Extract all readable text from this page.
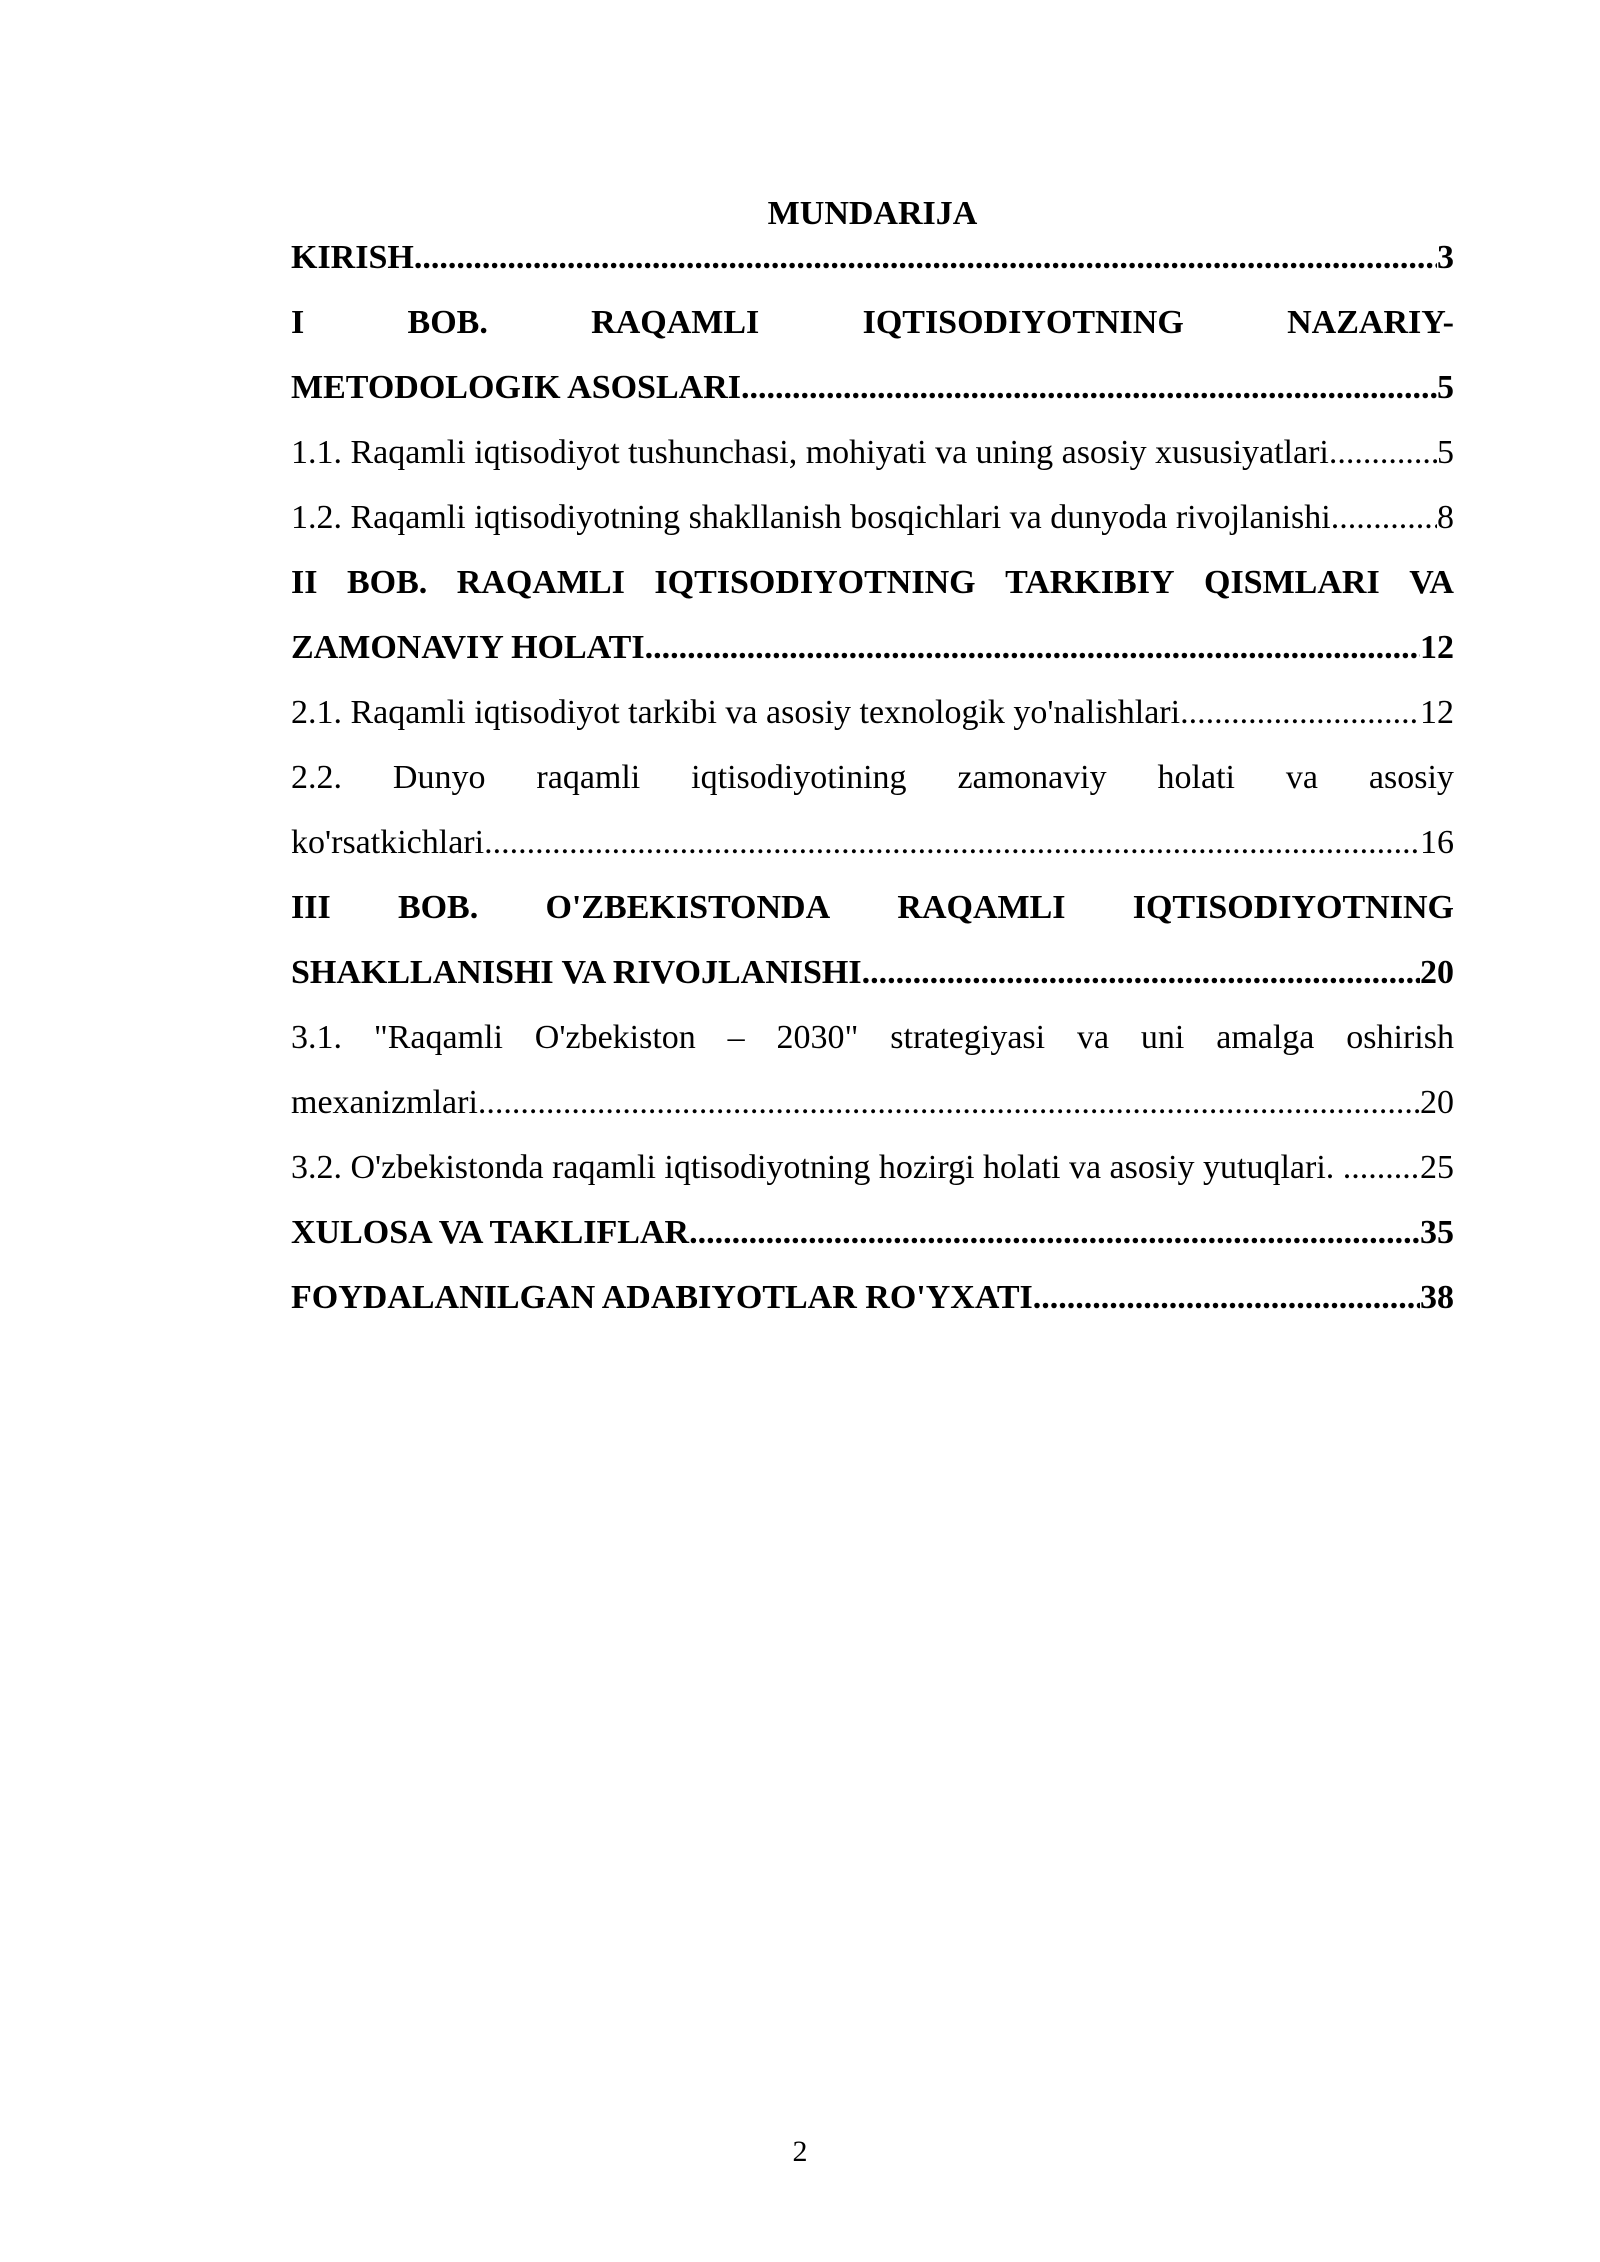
MUNDARIJA
KIRISH .....	3
I	BOB.	RAQAMLI	IQTISODIYOTNING	NAZARIY-
METODOLOGIK ASOSLARI .....	5
1.1. Raqamli iqtisodiyot tushunchasi, mohiyati va uning asosiy xususiyatlari .....	5
1.2. Raqamli iqtisodiyotning shakllanish bosqichlari va dunyoda rivojlanishi .....	8
II BOB. RAQAMLI IQTISODIYOTNING TARKIBIY QISMLARI VA
ZAMONAVIY HOLATI .....	12
2.1. Raqamli iqtisodiyot tarkibi va asosiy texnologik yo'nalishlari .....	12
2.2. Dunyo raqamli iqtisodiyotining zamonaviy holati va asosiy
ko'rsatkichlari .....	16
III BOB. O'ZBEKISTONDA RAQAMLI IQTISODIYOTNING
SHAKLLANISHI VA RIVOJLANISHI .....	20
3.1. "Raqamli O'zbekiston – 2030" strategiyasi va uni amalga oshirish
mexanizmlari .....	20
3.2. O'zbekistonda raqamli iqtisodiyotning hozirgi holati va asosiy yutuqlari. ..... 25
XULOSA VA TAKLIFLAR .....	35
FOYDALANILGAN ADABIYOTLAR RO'YXATI .....	38
2
